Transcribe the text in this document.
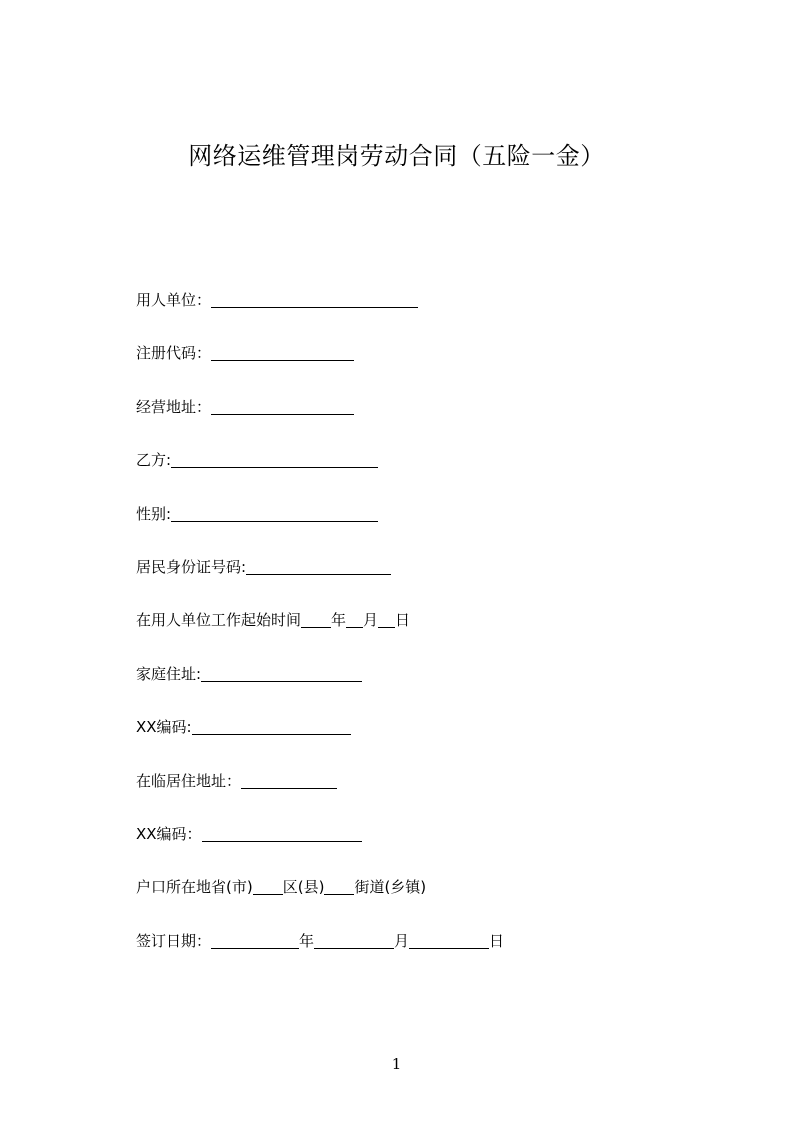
网络运维管理岗劳动合同（五险一金）
用人单位：
注册代码：
经营地址：
乙方:
性别:
居民身份证号码:
在用人单位工作起始时间 年 月 日
家庭住址:
XX编码:
在临居住地址：
XX编码：
户口所在地省(市) 区(县) 街道(乡镇)
签订日期：	年	月	日
1
